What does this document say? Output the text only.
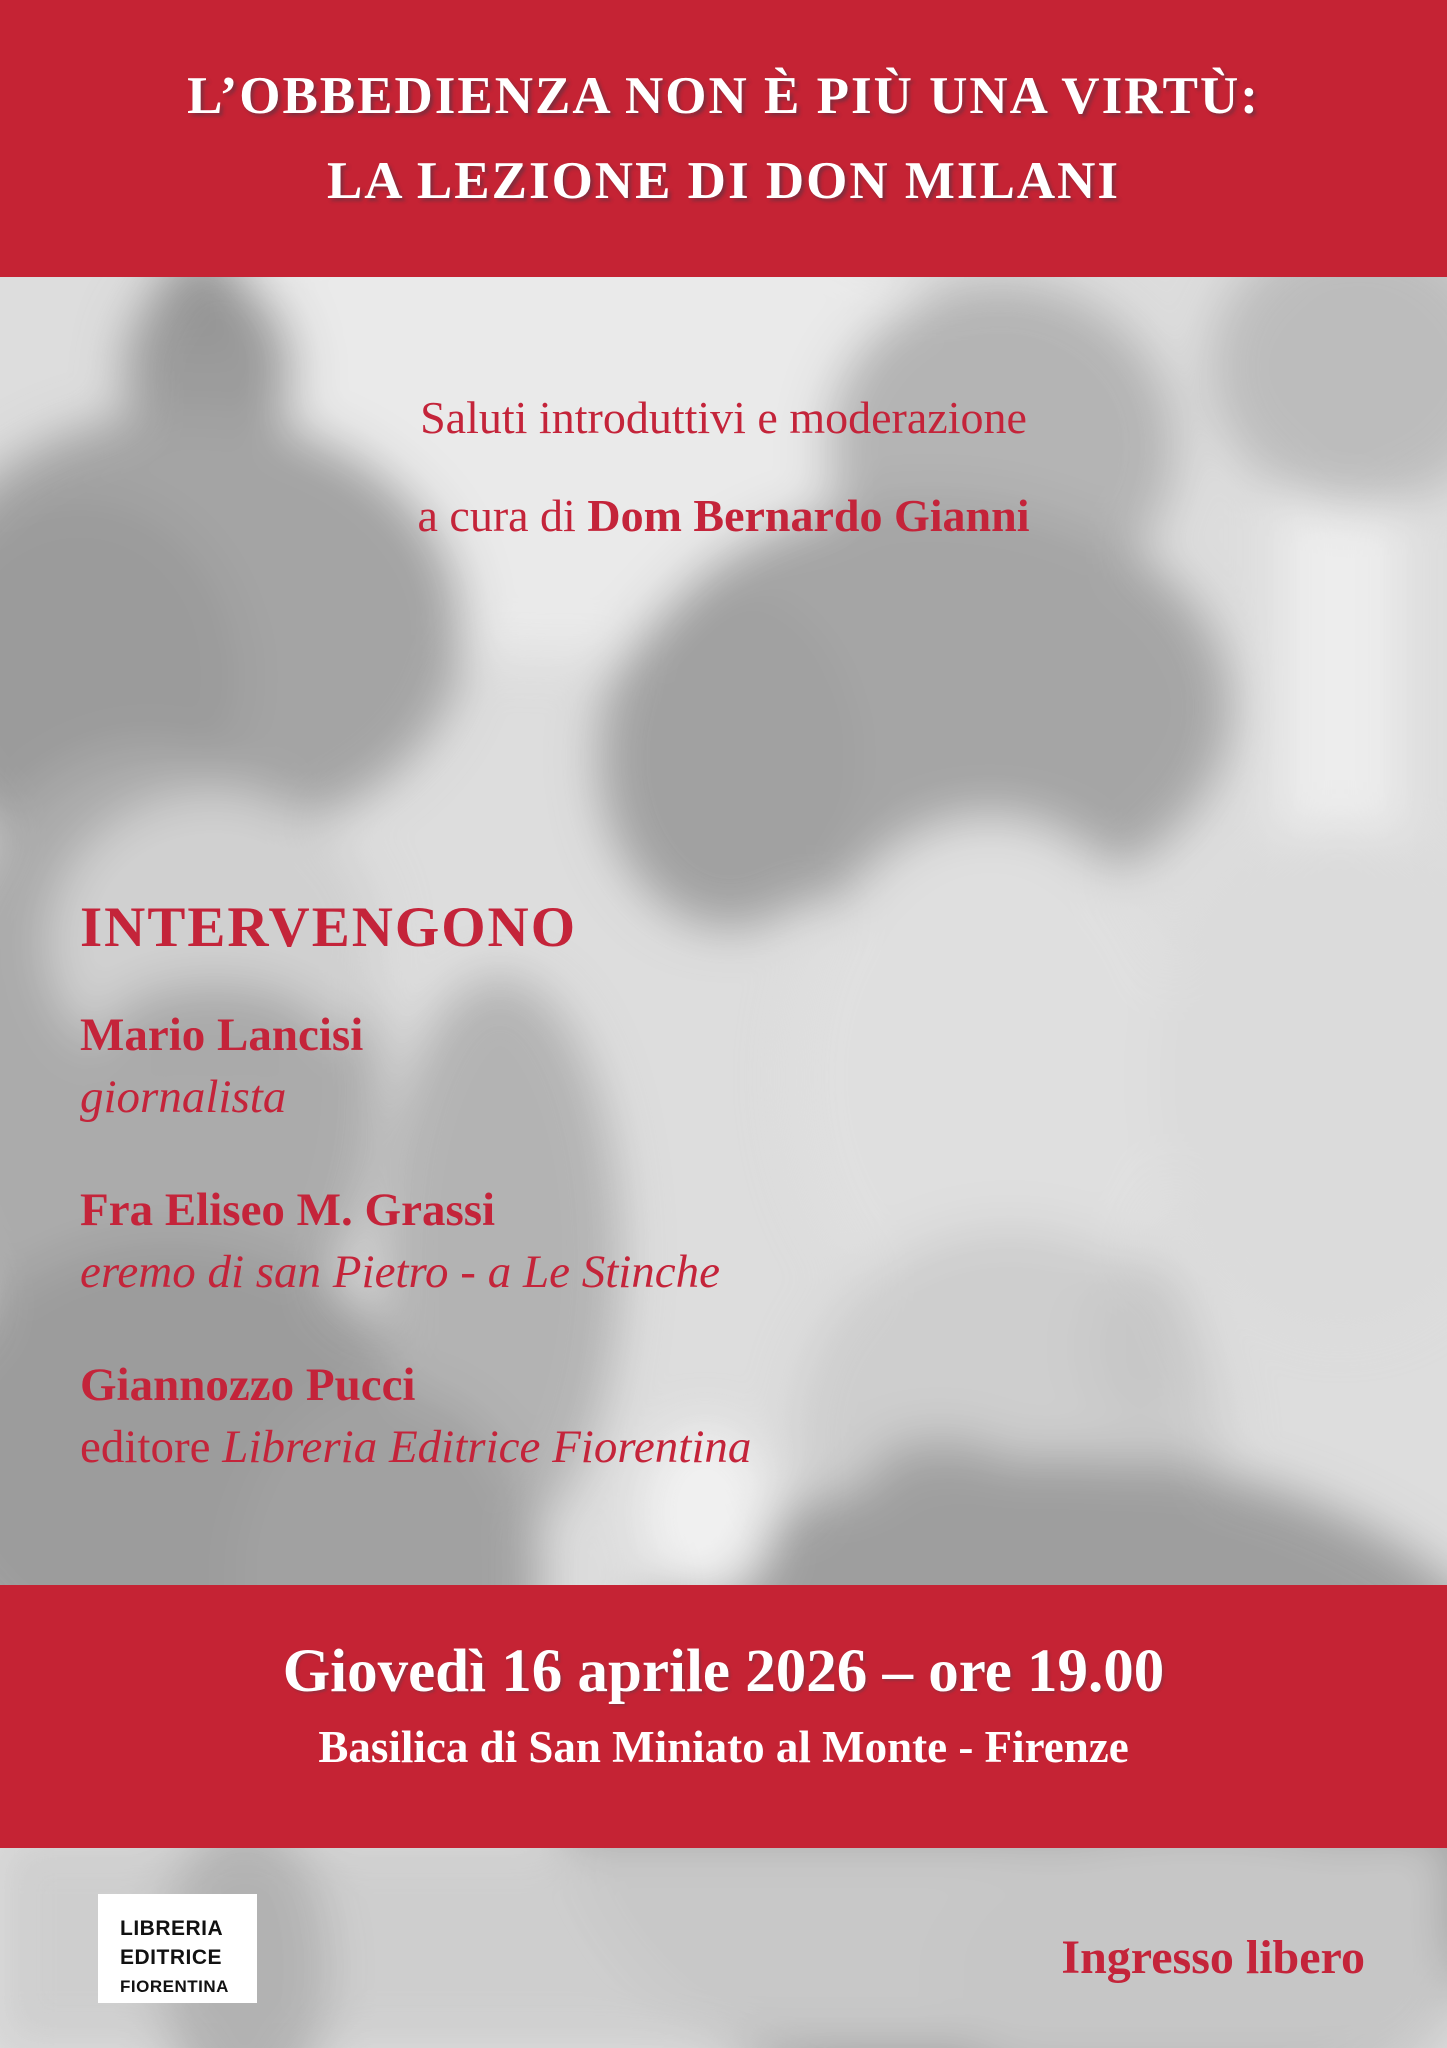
L’OBBEDIENZA NON È PIÙ UNA VIRTÙ:
LA LEZIONE DI DON MILANI
Saluti introduttivi e moderazione
a cura di Dom Bernardo Gianni
INTERVENGONO
Mario Lancisi
giornalista
Fra Eliseo M. Grassi
eremo di san Pietro - a Le Stinche
Giannozzo Pucci
editore Libreria Editrice Fiorentina
Giovedì 16 aprile 2026 – ore 19.00
Basilica di San Miniato al Monte - Firenze
LIBRERIA
EDITRICE
FIORENTINA
Ingresso libero
